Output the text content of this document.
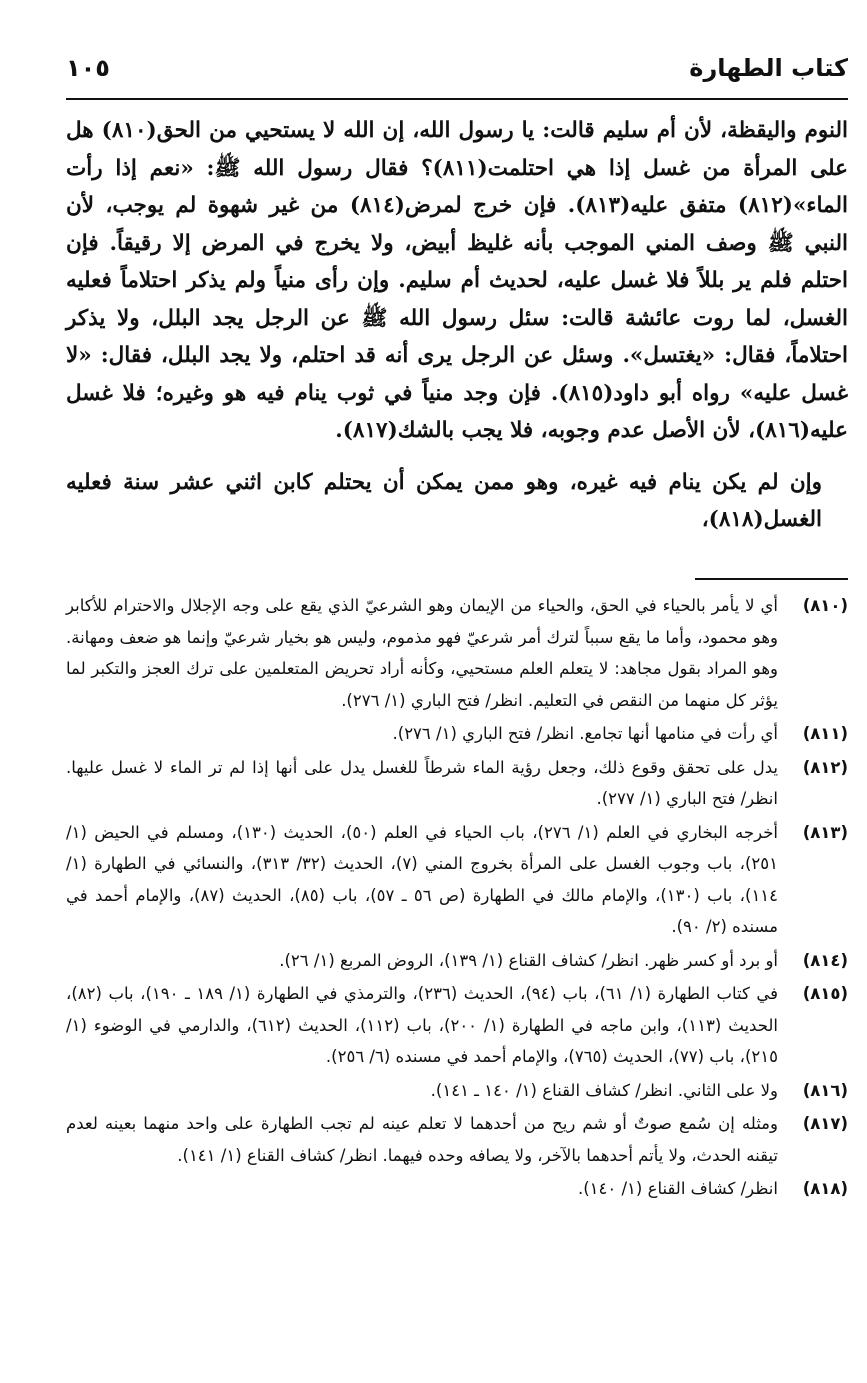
كتاب الطهارة
١٠٥

النوم واليقظة، لأن أم سليم قالت: يا رسول الله، إن الله لا يستحيي من الحق(٨١٠) هل على المرأة من غسل إذا هي احتلمت(٨١١)؟ فقال رسول الله ﷺ: «نعم إذا رأت الماء»(٨١٢) متفق عليه(٨١٣). فإن خرج لمرض(٨١٤) من غير شهوة لم يوجب، لأن النبي ﷺ وصف المني الموجب بأنه غليظ أبيض، ولا يخرج في المرض إلا رقيقاً. فإن احتلم فلم ير بللاً فلا غسل عليه، لحديث أم سليم. وإن رأى منياً ولم يذكر احتلاماً فعليه الغسل، لما روت عائشة قالت: سئل رسول الله ﷺ عن الرجل يجد البلل، ولا يذكر احتلاماً، فقال: «يغتسل». وسئل عن الرجل يرى أنه قد احتلم، ولا يجد البلل، فقال: «لا غسل عليه» رواه أبو داود(٨١٥). فإن وجد منياً في ثوب ينام فيه هو وغيره؛ فلا غسل عليه(٨١٦)، لأن الأصل عدم وجوبه، فلا يجب بالشك(٨١٧).

وإن لم يكن ينام فيه غيره، وهو ممن يمكن أن يحتلم كابن اثني عشر سنة فعليه الغسل(٨١٨)،

(٨١٠)
أي لا يأمر بالحياء في الحق، والحياء من الإيمان وهو الشرعيّ الذي يقع على وجه الإجلال والاحترام للأكابر وهو محمود، وأما ما يقع سبباً لترك أمر شرعيّ فهو مذموم، وليس هو بخيار شرعيّ وإنما هو ضعف ومهانة. وهو المراد بقول مجاهد: لا يتعلم العلم مستحيي، وكأنه أراد تحريض المتعلمين على ترك العجز والتكبر لما يؤثر كل منهما من النقص في التعليم. انظر/ فتح الباري (١/ ٢٧٦).
(٨١١)
أي رأت في منامها أنها تجامع. انظر/ فتح الباري (١/ ٢٧٦).
(٨١٢)
يدل على تحقق وقوع ذلك، وجعل رؤية الماء شرطاً للغسل يدل على أنها إذا لم تر الماء لا غسل عليها. انظر/ فتح الباري (١/ ٢٧٧).
(٨١٣)
أخرجه البخاري في العلم (١/ ٢٧٦)، باب الحياء في العلم (٥٠)، الحديث (١٣٠)، ومسلم في الحيض (١/ ٢٥١)، باب وجوب الغسل على المرأة بخروج المني (٧)، الحديث (٣٢/ ٣١٣)، والنسائي في الطهارة (١/ ١١٤)، باب (١٣٠)، والإمام مالك في الطهارة (ص ٥٦ ـ ٥٧)، باب (٨٥)، الحديث (٨٧)، والإمام أحمد في مسنده (٢/ ٩٠).
(٨١٤)
أو برد أو كسر ظهر. انظر/ كشاف القناع (١/ ١٣٩)، الروض المربع (١/ ٢٦).
(٨١٥)
في كتاب الطهارة (١/ ٦١)، باب (٩٤)، الحديث (٢٣٦)، والترمذي في الطهارة (١/ ١٨٩ ـ ١٩٠)، باب (٨٢)، الحديث (١١٣)، وابن ماجه في الطهارة (١/ ٢٠٠)، باب (١١٢)، الحديث (٦١٢)، والدارمي في الوضوء (١/ ٢١٥)، باب (٧٧)، الحديث (٧٦٥)، والإمام أحمد في مسنده (٦/ ٢٥٦).
(٨١٦)
ولا على الثاني. انظر/ كشاف القناع (١/ ١٤٠ ـ ١٤١).
(٨١٧)
ومثله إن سُمع صوتٌ أو شم ريح من أحدهما لا تعلم عينه لم تجب الطهارة على واحد منهما بعينه لعدم تيقنه الحدث، ولا يأتم أحدهما بالآخر، ولا يصافه وحده فيهما. انظر/ كشاف القناع (١/ ١٤١).
(٨١٨)
انظر/ كشاف القناع (١/ ١٤٠).
